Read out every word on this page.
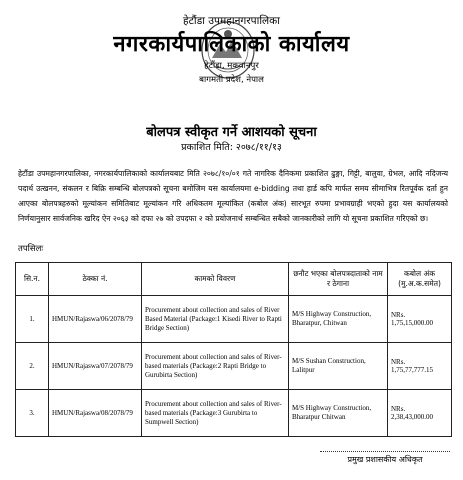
हेटौंडा उपमहानगरपालिका
नगरकार्यपालिकाको कार्यालय
हेटौंडा, मकवानपुर
बागमती प्रदेश, नेपाल
बोलपत्र स्वीकृत गर्ने आशयको सूचना
प्रकाशित मिति: २०७८/११/१३
हेटौंडा उपमहानगरपालिका, नगरकार्यपालिकाको कार्यालयबाट मिति २०७८/१०/०१ गते नागरिक दैनिकमा प्रकाशित ढुङ्गा, गिट्टी, बालुवा, ग्रेभल, आदि नदिजन्य पदार्थ उत्खनन, संकलन र बिक्रि सम्बन्धि बोलपत्रको सूचना बमोजिम यस कार्यालयमा e-bidding तथा हार्ड कपि मार्फत समय सीमाभित्र रितपूर्वक दर्ता हुन आएका बोलपत्रहरुको मूल्यांकन समितिबाट मूल्यांकन गरि अधिकतम मूल्यांकित (कबोल अंक) सारभूत रुपमा प्रभावग्राही भएको हुदा यस कार्यालयको निर्णयानुसार सार्वजनिक खरिद ऐन २०६३ को दफा २७ को उपदफा २ को प्रयोजनार्थ सम्बन्धित सबैको जानकारीको लागि यो सूचना प्रकाशित गरिएको छ।
तपसिलः
सि.न.	ठेक्का नं.	कामको विवरण	छनौट भएका बोलपत्रदाताको नाम र ठेगाना	कबोल अंक (मु.अ.क.समेत)
1.	HMUN/Rajaswa/06/2078/79	Procurement about collection and sales of River Based Material (Package:1 Kisedi River to Rapti Bridge Section)	M/S Highway Construction, Bharatpur, Chitwan	NRs. 1,75,15,000.00
2.	HMUN/Rajaswa/07/2078/79	Procurement about collection and sales of River-based materials (Package:2 Rapti Bridge to Gurubirta Section)	M/S Sushan Construction, Lalitpur	NRs. 1,75,77,777.15
3.	HMUN/Rajaswa/08/2078/79	Procurement about collection and sales of River-based materials (Package:3 Gurubirta to Sumpwell Section)	M/S Highway Construction, Bharatpur Chitwan	NRs. 2,38,43,000.00
प्रमुख प्रशासकीय अधिकृत
